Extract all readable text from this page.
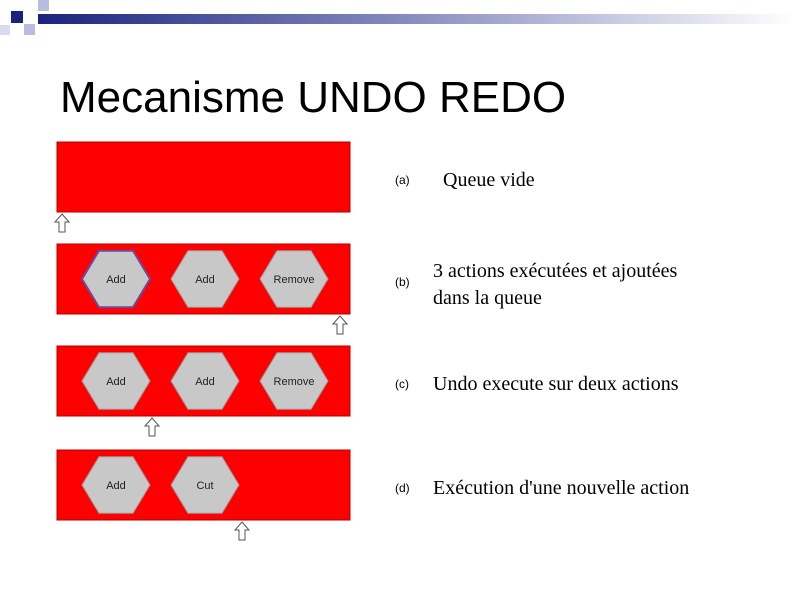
Mecanisme UNDO REDO
Add	Add	Remove
Add	Add	Remove
Add	Cut
(a) Queue vide
(b) 3 actions exécutées et ajoutées
dans la queue
(c) Undo execute sur deux actions
(d) Exécution d'une nouvelle action
